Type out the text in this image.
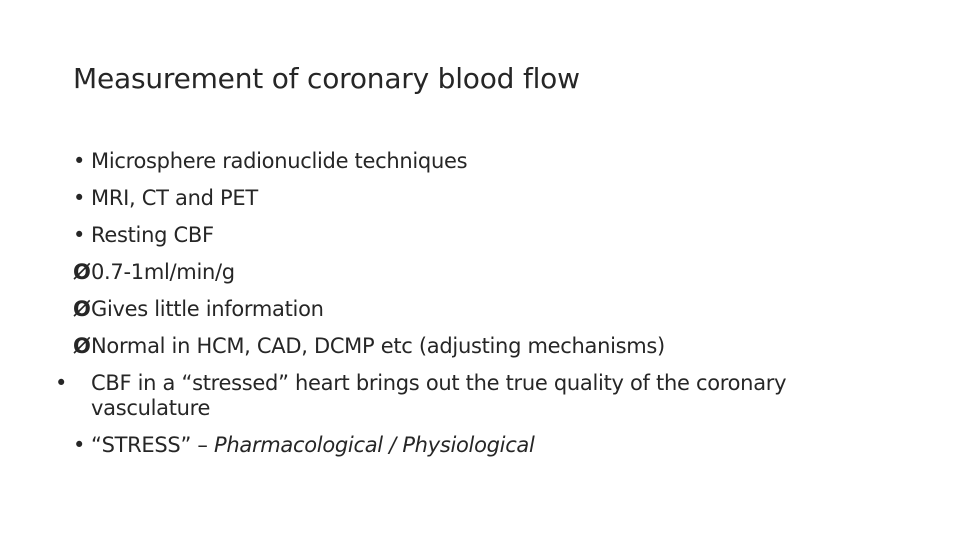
Measurement of coronary blood flow
• Microsphere radionuclide techniques
• MRI, CT and PET
• Resting CBF
Ø0.7-1ml/min/g
ØGives little information
ØNormal in HCM, CAD, DCMP etc (adjusting mechanisms)
• CBF in a “stressed” heart brings out the true quality of the coronary vasculature
• “STRESS” – Pharmacological / Physiological
